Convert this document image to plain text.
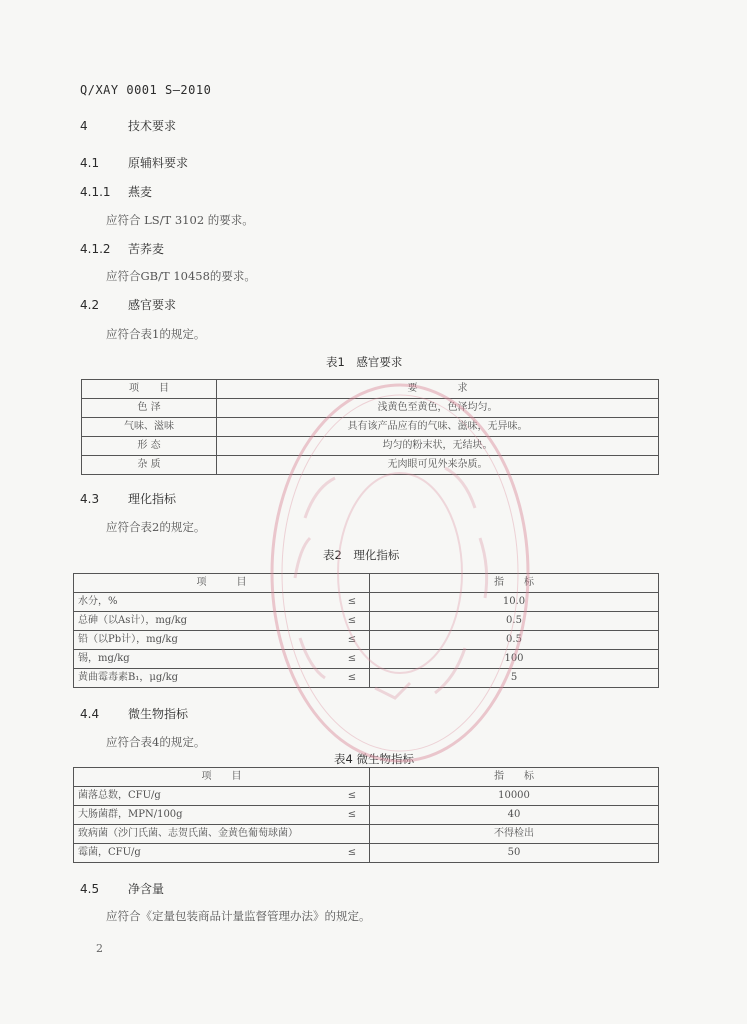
Q/XAY 0001 S—2010
4	技术要求
4.1 原辅料要求
4.1.1 燕麦
应符合 LS/T 3102 的要求。
4.1.2 苦荞麦
应符合GB/T 10458的要求。
4.2 感官要求
应符合表1的规定。
表1　感官要求
项　　目	要　　　　求
色 泽	浅黄色至黄色，色泽均匀。
气味、滋味	具有该产品应有的气味、滋味，无异味。
形 态	均匀的粉末状，无结块。
杂 质	无肉眼可见外来杂质。
4.3 理化指标
应符合表2的规定。
表2　理化指标
项　　　目		指　　标
水分，%	≤	10.0
总砷（以As计），mg/kg	≤	0.5
铅（以Pb计），mg/kg	≤	0.5
锡，mg/kg	≤	100
黄曲霉毒素B₁，μg/kg	≤	5
4.4 微生物指标
应符合表4的规定。
表4 微生物指标
项　　目		指　　标
菌落总数，CFU/g	≤	10000
大肠菌群，MPN/100g	≤	40
致病菌（沙门氏菌、志贺氏菌、金黄色葡萄球菌）		不得检出
霉菌，CFU/g	≤	50
4.5 净含量
应符合《定量包装商品计量监督管理办法》的规定。
2
